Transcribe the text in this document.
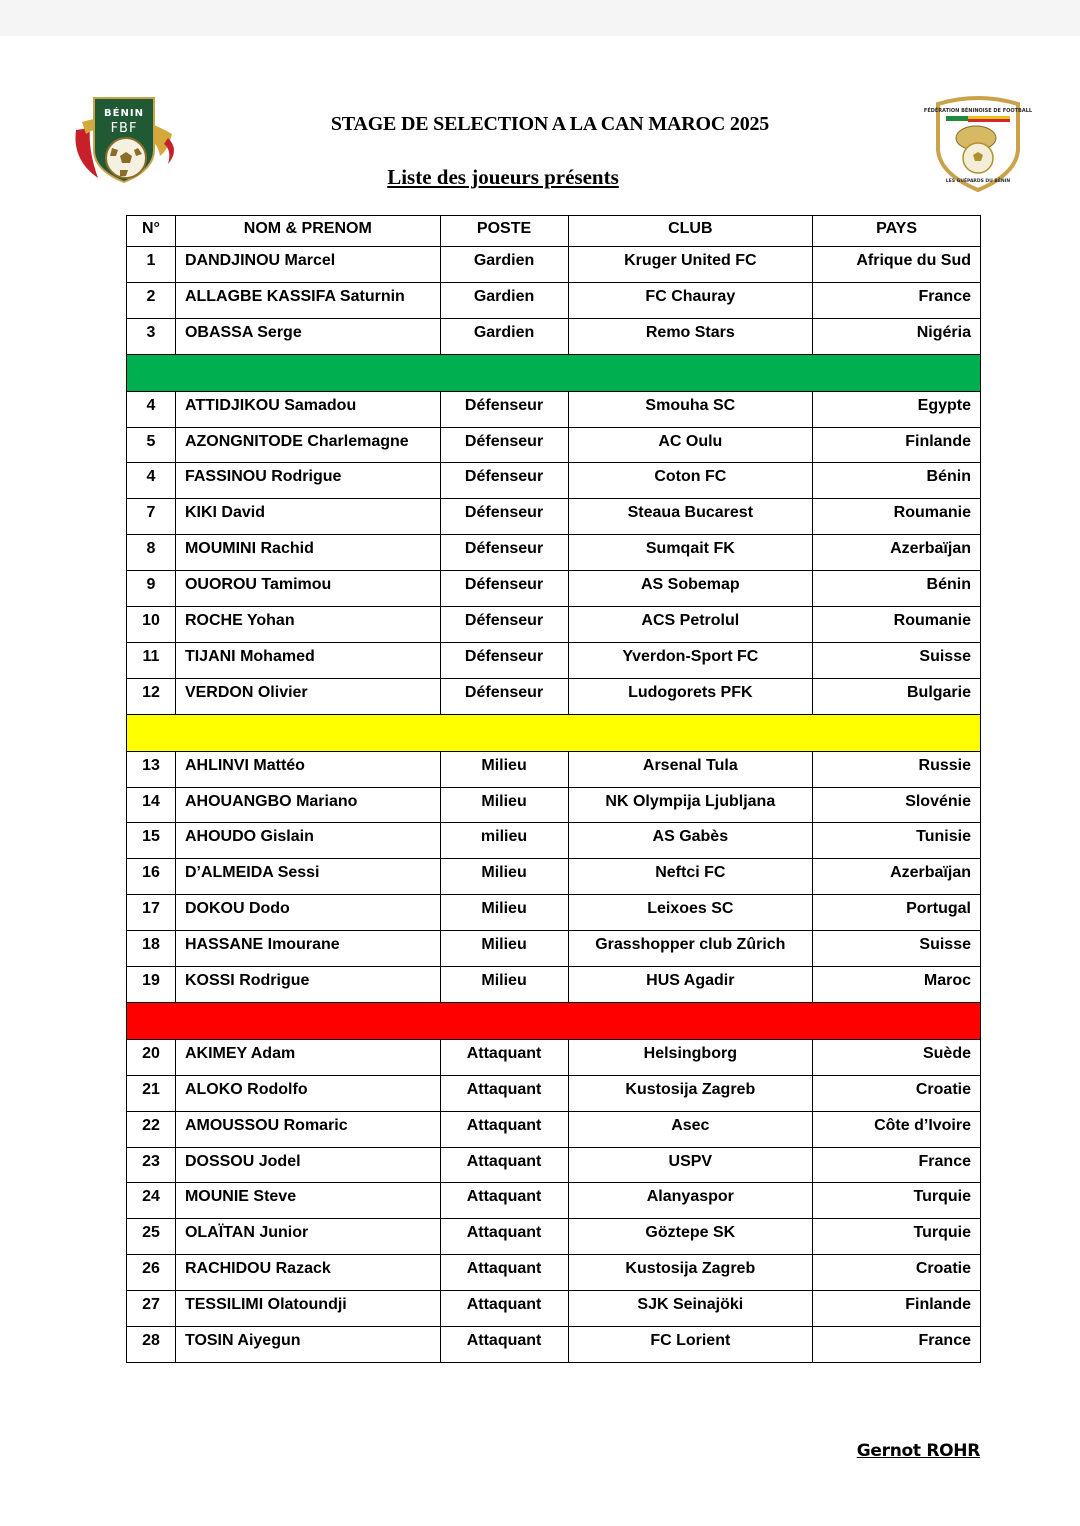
BÉNIN
FBF	STAGE DE SELECTION A LA CAN MAROC 2025
FÉDÉRATION BÉNINOISE DE FOOTBALL
LES GUÉPARDS DU BÉNIN
Liste des joueurs présents
N°	NOM & PRENOM	POSTE	CLUB	PAYS
1	DANDJINOU Marcel	Gardien	Kruger United FC	Afrique du Sud
2	ALLAGBE KASSIFA Saturnin	Gardien	FC Chauray	France
3	OBASSA Serge	Gardien	Remo Stars	Nigéria

4	ATTIDJIKOU Samadou	Défenseur	Smouha SC	Egypte
5	AZONGNITODE Charlemagne	Défenseur	AC Oulu	Finlande
4	FASSINOU Rodrigue	Défenseur	Coton FC	Bénin
7	KIKI David	Défenseur	Steaua Bucarest	Roumanie
8	MOUMINI Rachid	Défenseur	Sumqait FK	Azerbaïjan
9	OUOROU Tamimou	Défenseur	AS Sobemap	Bénin
10	ROCHE Yohan	Défenseur	ACS Petrolul	Roumanie
11	TIJANI Mohamed	Défenseur	Yverdon-Sport FC	Suisse
12	VERDON Olivier	Défenseur	Ludogorets PFK	Bulgarie

13	AHLINVI Mattéo	Milieu	Arsenal Tula	Russie
14	AHOUANGBO Mariano	Milieu	NK Olympija Ljubljana	Slovénie
15	AHOUDO Gislain	milieu	AS Gabès	Tunisie
16	D’ALMEIDA Sessi	Milieu	Neftci FC	Azerbaïjan
17	DOKOU Dodo	Milieu	Leixoes SC	Portugal
18	HASSANE Imourane	Milieu	Grasshopper club Zûrich	Suisse
19	KOSSI Rodrigue	Milieu	HUS Agadir	Maroc

20	AKIMEY Adam	Attaquant	Helsingborg	Suède
21	ALOKO Rodolfo	Attaquant	Kustosija Zagreb	Croatie
22	AMOUSSOU Romaric	Attaquant	Asec	Côte d’Ivoire
23	DOSSOU Jodel	Attaquant	USPV	France
24	MOUNIE Steve	Attaquant	Alanyaspor	Turquie
25	OLAÏTAN Junior	Attaquant	Göztepe SK	Turquie
26	RACHIDOU Razack	Attaquant	Kustosija Zagreb	Croatie
27	TESSILIMI Olatoundji	Attaquant	SJK Seinajöki	Finlande
28	TOSIN Aiyegun	Attaquant	FC Lorient	France
Gernot ROHR
